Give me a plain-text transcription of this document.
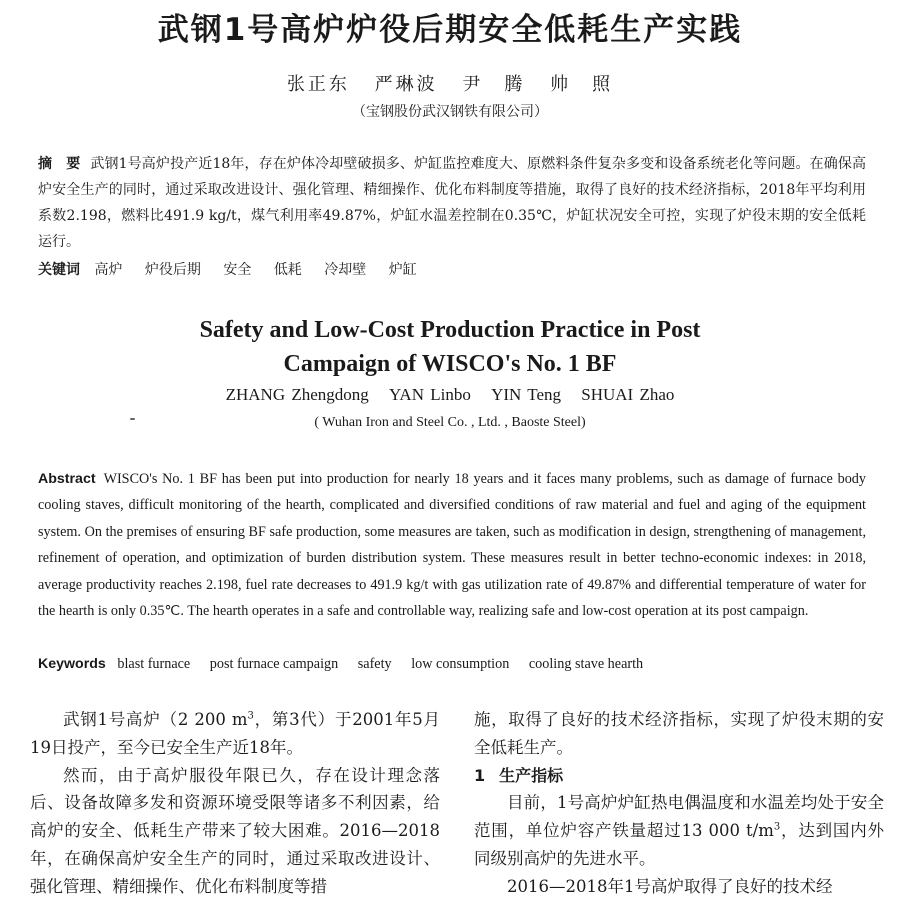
武钢1号高炉炉役后期安全低耗生产实践
张正东 严琳波 尹　腾 帅　照
（宝钢股份武汉钢铁有限公司）

摘　要 武钢1号高炉投产近18年，存在炉体冷却壁破损多、炉缸监控难度大、原燃料条件复杂多变和设备系统老化等问题。在确保高炉安全生产的同时，通过采取改进设计、强化管理、精细操作、优化布料制度等措施，取得了良好的技术经济指标，2018年平均利用系数2.198，燃料比491.9 kg/t，煤气利用率49.87%，炉缸水温差控制在0.35℃，炉缸状况安全可控，实现了炉役末期的安全低耗运行。

关键词 高炉 炉役后期 安全 低耗 冷却壁 炉缸
Safety and Low-Cost Production Practice in Post
Campaign of WISCO's No. 1 BF
ZHANG Zhengdong YAN Linbo YIN Teng SHUAI Zhao
( Wuhan Iron and Steel Co. , Ltd. , Baoste Steel)

Abstract WISCO's No. 1 BF has been put into production for nearly 18 years and it faces many problems, such as damage of furnace body cooling staves, difficult monitoring of the hearth, complicated and diversified conditions of raw material and fuel and aging of the equipment system. On the premises of ensuring BF safe production, some measures are taken, such as modification in design, strengthening of management, refinement of operation, and optimization of burden distribution system. These measures result in better techno-economic indexes: in 2018, average productivity reaches 2.198, fuel rate decreases to 491.9 kg/t with gas utilization rate of 49.87% and differential temperature of water for the hearth is only 0.35℃. The hearth operates in a safe and controllable way, realizing safe and low-cost operation at its post campaign.

Keywords blast furnace post furnace campaign safety low consumption cooling stave hearth

武钢1号高炉（2 200 $m^3$，第3代）于2001年5月19日投产，至今已安全生产近18年。

然而，由于高炉服役年限已久，存在设计理念落后、设备故障多发和资源环境受限等诸多不利因素，给高炉的安全、低耗生产带来了较大困难。2016—2018年，在确保高炉安全生产的同时，通过采取改进设计、强化管理、精细操作、优化布料制度等措

施，取得了良好的技术经济指标，实现了炉役末期的安全低耗生产。

1 生产指标

目前，1号高炉炉缸热电偶温度和水温差均处于安全范围，单位炉容产铁量超过13 000 $t/m^3$，达到国内外同级别高炉的先进水平。

2016—2018年1号高炉取得了良好的技术经
